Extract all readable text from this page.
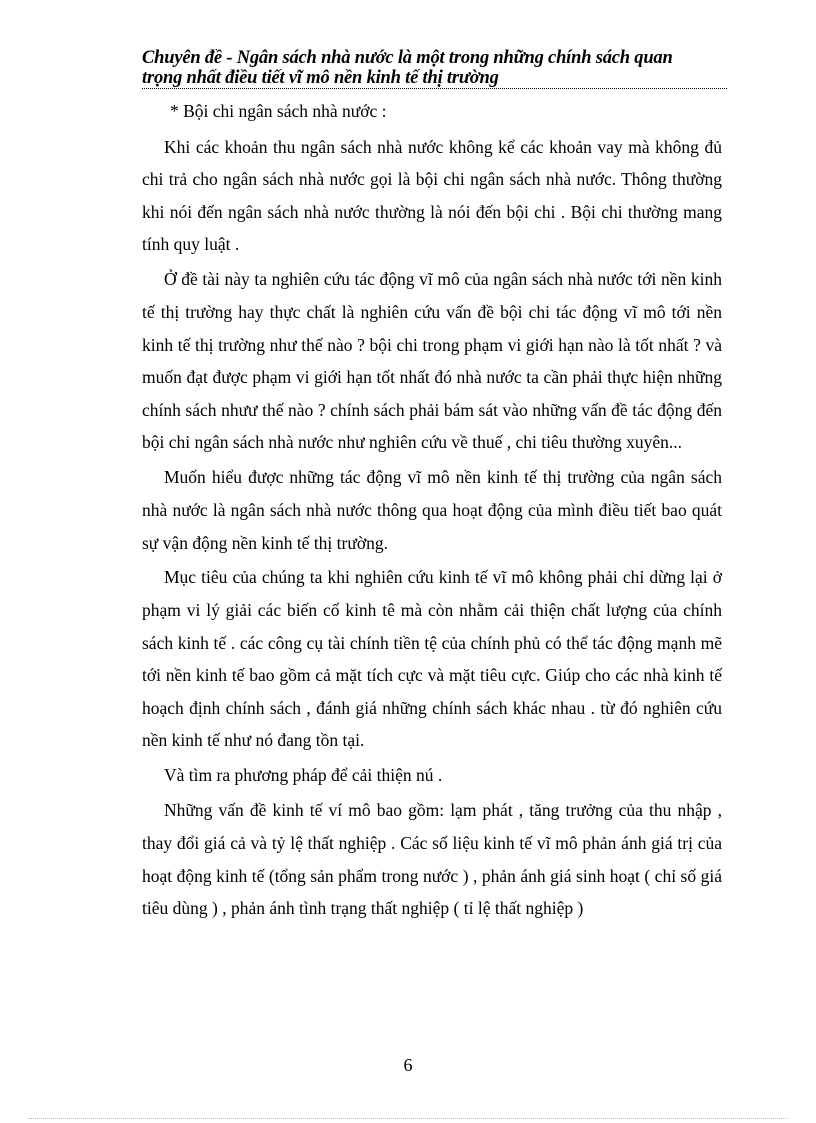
Chuyên đề - Ngân sách nhà nước là một trong những chính sách quan
trọng nhất điều tiết vĩ mô nền kinh tế thị trường

* Bội chi ngân sách nhà nước :

Khi các khoản thu ngân sách nhà nước không kể các khoản vay mà không đủ chi trả cho ngân sách nhà nước gọi là bội chi ngân sách nhà nước. Thông thường khi nói đến ngân sách nhà nước thường là nói đến bội chi . Bội chi thường mang tính quy luật .

Ở đề tài này ta nghiên cứu tác động vĩ mô của ngân sách nhà nước tới nền kinh tế thị trường hay thực chất là nghiên cứu vấn đề bội chi tác động vĩ mô tới nền kinh tế thị trường như thế nào ? bội chi trong phạm vi giới hạn nào là tốt nhất ? và muốn đạt được phạm vi giới hạn tốt nhất đó nhà nước ta cần phải thực hiện những chính sách nhưư thế nào ? chính sách phải bám sát vào những vấn đề tác động đến bội chi ngân sách nhà nước như nghiên cứu về thuế , chi tiêu thường xuyên...

Muốn hiểu được những tác động vĩ mô nền kinh tế thị trường của ngân sách nhà nước là ngân sách nhà nước thông qua hoạt động của mình điều tiết bao quát sự vận động nền kinh tế thị trường.

Mục tiêu của chúng ta khi nghiên cứu kinh tế vĩ mô không phải chỉ dừng lại ở phạm vi lý giải các biến cố kinh tê mà còn nhằm cải thiện chất lượng của chính sách kinh tế . các công cụ tài chính tiền tệ của chính phủ có thể tác động mạnh mẽ tới nền kinh tế bao gồm cả mặt tích cực và mặt tiêu cực. Giúp cho các nhà kinh tế hoạch định chính sách , đánh giá những chính sách khác nhau . từ đó nghiên cứu nền kinh tế như nó đang tồn tại.

Và tìm ra phương pháp để cải thiện nú .

Những vấn đề kinh tế ví mô bao gồm: lạm phát , tăng trưởng của thu nhập , thay đổi giá cả và tỷ lệ thất nghiệp . Các số liệu kinh tế vĩ mô phản ánh giá trị của hoạt động kinh tế (tổng sản phẩm trong nước ) , phản ánh giá sinh hoạt ( chỉ số giá tiêu dùng ) , phản ánh tình trạng thất nghiệp ( tỉ lệ thất nghiệp )

6
